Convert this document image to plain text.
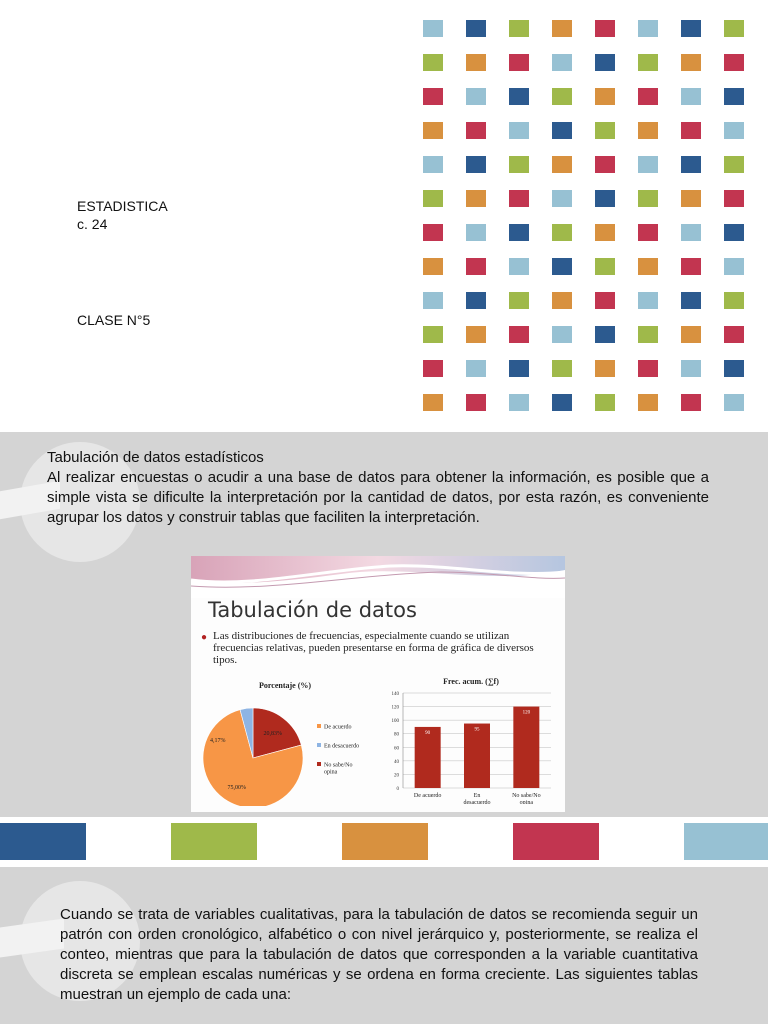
ESTADISTICA
c. 24
CLASE N°5
Tabulación de datos estadísticos
Al realizar encuestas o acudir a una base de datos para obtener la información, es posible que a simple vista se dificulte la interpretación por la cantidad de datos, por esta razón, es conveniente agrupar los datos y construir tablas que faciliten la interpretación.
Tabulación de datos
● Las distribuciones de frecuencias, especialmente cuando se utilizan frecuencias relativas, pueden presentarse en forma de gráfica de diversos tipos.
Porcentaje (%)
75,00%
4,17%
20,83%
De acuerdo
En desacuerdo
No sabe/No opina
Frec. acum. (∑f)
0
20
40
60
80
100
120
140
90
95
120
De acuerdo	En desacuerdo
No sabe/No opina
Cuando se trata de variables cualitativas, para la tabulación de datos se recomienda seguir un patrón con orden cronológico, alfabético o con nivel jerárquico y, posteriormente, se realiza el conteo, mientras que para la tabulación de datos que corresponden a la variable cuantitativa discreta se emplean escalas numéricas y se ordena en forma creciente. Las siguientes tablas muestran un ejemplo de cada una:
